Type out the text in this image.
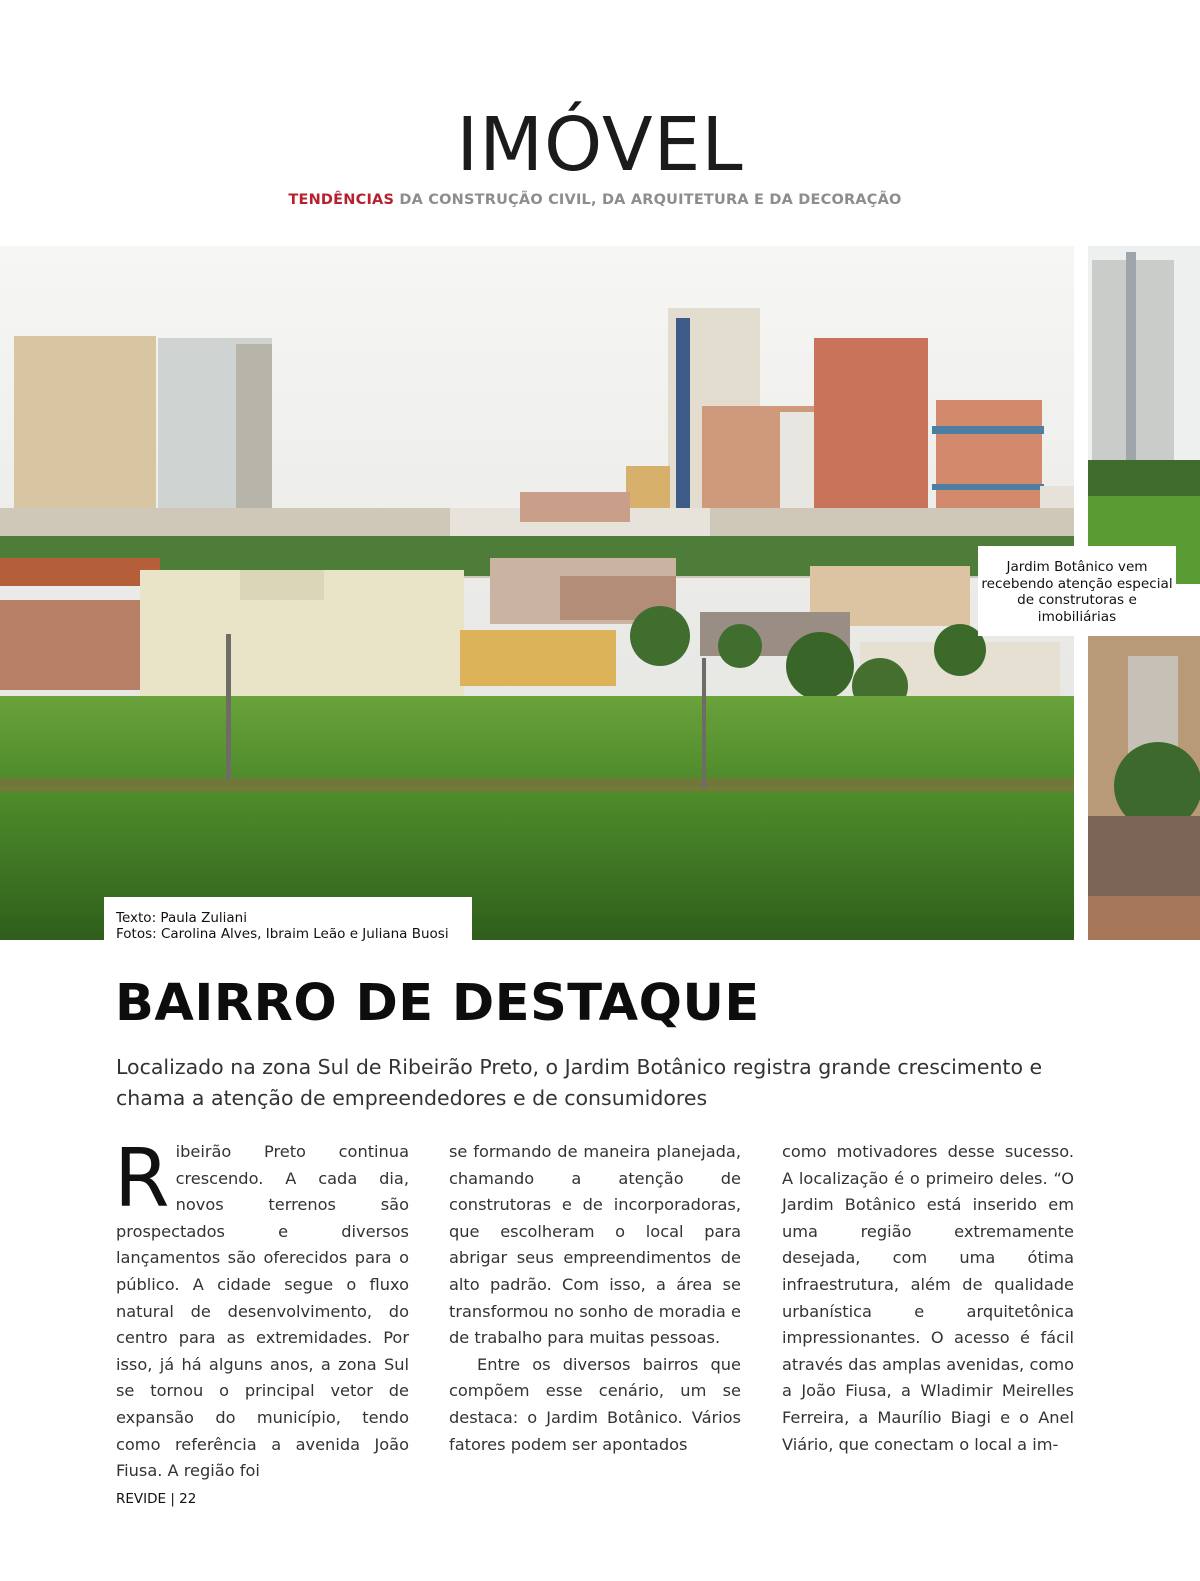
IMÓVEL

TENDÊNCIAS DA CONSTRUÇÃO CIVIL, DA ARQUITETURA E DA DECORAÇÃO

Texto: Paula Zuliani

Fotos: Carolina Alves, Ibraim Leão e Juliana Buosi

Jardim Botânico vem recebendo atenção especial de construtoras e imobiliárias

BAIRRO DE DESTAQUE

Localizado na zona Sul de Ribeirão Preto, o Jardim Botânico registra grande crescimento e chama a atenção de empreendedores e de consumidores

Ribeirão Preto continua crescendo. A cada dia, novos terrenos são prospectados e diversos lançamentos são oferecidos para o público. A cidade segue o fluxo natural de desenvolvimento, do centro para as extremidades. Por isso, já há alguns anos, a zona Sul se tornou o principal vetor de expansão do município, tendo como referência a avenida João Fiusa. A região foi

se formando de maneira planejada, chamando a atenção de construtoras e de incorporadoras, que escolheram o local para abrigar seus empreendimentos de alto padrão. Com isso, a área se transformou no sonho de moradia e de trabalho para muitas pessoas.

Entre os diversos bairros que compõem esse cenário, um se destaca: o Jardim Botânico. Vários fatores podem ser apontados

como motivadores desse sucesso. A localização é o primeiro deles. “O Jardim Botânico está inserido em uma região extremamente desejada, com uma ótima infraestrutura, além de qualidade urbanística e arquitetônica impressionantes. O acesso é fácil através das amplas avenidas, como a João Fiusa, a Wladimir Meirelles Ferreira, a Maurílio Biagi e o Anel Viário, que conectam o local a im-

REVIDE | 22
